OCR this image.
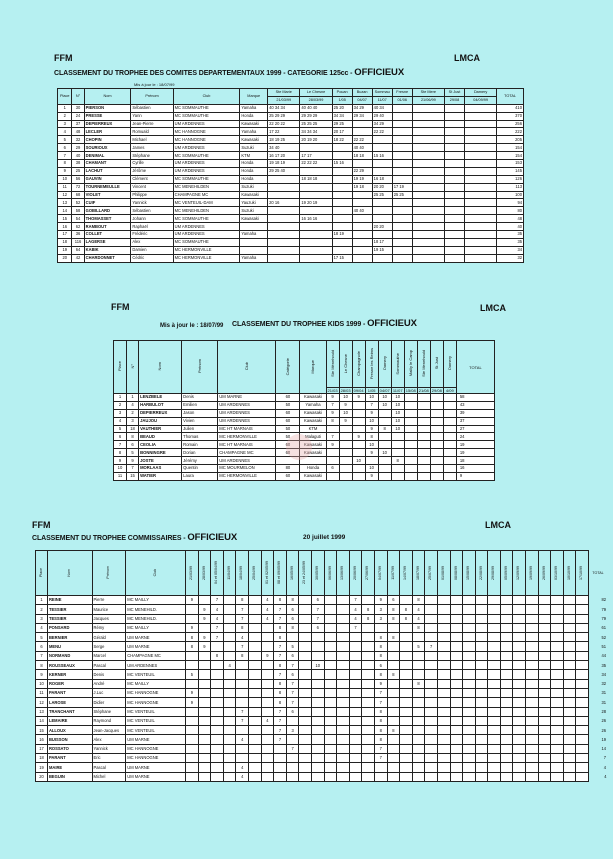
FFM	LMCA
CLASSEMENT DU TROPHEE DES COMITES DEPARTEMENTAUX 1999 - CATEGORIE 125cc - OFFICIEUX
Mis à jour le : 18/07/99
Place	N°	Nom	Prénom	Club	Marque	Ste Marie	Le Chesne	Pouan	Buzan	Sommau	Fresne	Ste Mere	St Just	Damery	TOTAL
						21/03/99	28/03/99	1/05	04/07	11/07	01/06	21/06/99	29/08	04/09/99	
1	30	PIERSON	Sébastien	MC SOMMAUTHE	Yamaha	40 34 34	40 40 40	25 20	34 29	40 34					410
2	24	PRESSE	Yann	MC SOMMAUTHE	Honda	25 29 29	29 29 29	34 34	29 34	29 40					370
3	37	DEPIERREUX	Jean-Pierre	UM ARDENNES	Kawasaki	22 20 22	25 25 25	29 25		34 29					256
4	48	LECLER	Romuald	MC HANNOGNE	Yamaha	17 22	34 34 34	20 17		22 22					222
5	32	CHOPIN	Michael	MC HANNOGNE	Kawasaki	18 19 25	20 19 20	18 22	22 22						205
6	29	SOURIOUX	James	UM ARDENNES	Suzuki	34 40			40 40						154
7	40	DENIMAL	Stéphane	MC SOMMAUTHE	KTM	16 17 20	17 17		18 18	15 16					154
8	38	CHAMANT	Cyrille	UM ARDENNES	Honda	19 18 19	22 22 22	15 16							153
9	25	LACHUT	Jérôme	UM ARDENNES	Honda	29 25 40			22 29						145
10	56	GAUVIN	Clément	MC SOMMAUTHE	Honda		18 18 18		19 19	16 18					126
11	72	TOURNEMEULLE	Vincent	MC MENEHILDEN	Suzuki				19 18	20 20	17 19				113
12	68	VIOLET	Philippe	CHAMPAGNE MC	Kawasaki					25 25	25 25				100
13	52	CUIF	Yannick	MC VENTEUIL-DAM	Yauzuki	20 16	19 20 19								94
14	58	GOBILLARD	Sébastien	MC MENEHILDEN	Suzuki				40 40						80
15	54	THOMASSET	Johann	MC SOMMAUTHE	Kawasaki		16 16 16								48
16	62	RAMBOUT	Raphaël	UM ARDENNES						20 20					40
17	36	COLLET	Frédéric	UM ARDENNES	Yamaha			18 19							35
18	116	LAGERSE	Alex	MC SOMMAUTHE						18 17					35
19	64	KABIK	Damien	MC HERMONVILLE						19 15					34
20	42	CHARDONNET	Cédric	MC HERMONVILLE	Yamaha			17 15							32
FFM	LMCA
Mis à jour le : 18/07/99 CLASSEMENT DU TROPHEE KIDS 1999 - OFFICIEUX
Place	N°	Nom	Prénom	Club	Catégorie	Marque	Ste Ménehould	Le Chesne	Champagnole	Fresne les Reims	Damery	Sommauthe	Mailly le Camp	Ste Menehould	St Just	Damery	TOTAL
							21/03	28/03	09/04	1/05	04/07	11/07	15/08	21/08	29/08	4/09	
1	1	LENZBELE	Denis	UM MARNE	60	Kawasaki	9	10	9	10	10	10					58
2	4	HARBULOT	Emilien	UM ARDENNES	50	Yamaha	7	9		7	10	10					43
3	2	DEPIERREUX	Jason	UM ARDENNES	60	Kawasaki	9	10		9		10					39
4	3	JAUJOU	Vivien	UM ARDENNES	60	Kawasaki	8	9		10		10					37
5	18	VAUTHIER	Julien	MC HT MARNAIS	50	KTM				9	8	10					27
6	8	BEAUD	Thomas	MC HERMONVILLE	50	Malaguti	7		9	8							24
7	6	CEOLIA	Romain	MC HT MARNAIS	60	Kawasaki	9			10							19
8	5	BONNINGRE	Dorian	CHAMPAGNE MC	60	Kawasaki				9	10						19
9	9	JOSTE	Jérémy	UM ARDENNES					10			8					18
10	7	MORLAAS	Quentin	MC MOURMELON	80	Honda	6			10							16
11	15	WATIER	Laura	MC HERMONVILLE	60	Kawasaki				9							9
FFM	LMCA
CLASSEMENT DU TROPHEE COMMISSAIRES - OFFICIEUX	20 juillet 1999
Place	Nom	Prénom	Club	21/03/99	28/03/99	04 et 05/04/99	11/04/99	18/04/99	25/04/99	01 et 02/05/99	08 et 09/05/99	16/05/99	23 et 24/05/99	30/05/99	06/06/99	13/06/99	20/06/99	27/06/99	04/07/99	11/07/99	14/07/99	18/07/99	25/07/99	01/08/99	08/08/99	15/08/99	22/08/99	29/08/99	05/09/99	12/09/99	19/09/99	26/09/99	03/10/99	10/10/99	17/10/99	TOTAL
1	REINE	Pierre	MC MAILLY	9		7		8		4	8	8		6			7		9	6		8														82
2	TESSIER	Maurice	MC MENEHILD.		9	4		7		4	7	6		7			4	8	3	8	8	4														79
3	TESSIER	Jacques	MC MENEHILD.		9	4		7		4	7	6		7			4	8	3	8	8	4														79
4	PONSARD	Rémy	MC MAILLY	9		7		8			8	8		6			7					8														61
5	BERNIER	Gérald	UM MARNE	8	9	7		4			8								8	8																52
6	MENU	Serge	UM MARNE	8	9			7			7	5							8			5	7													51
7	NORMAND	Marcel	CHAMPAGNE MC			8		8		9	7	6							8																	44
8	ROUSSEAUX	Pascal	UM ARDENNES				4				8	7		10					6																	35
9	KERNER	Denis	MC VENTEUIL	5							7	6							8	8																34
10	ROGER	André	MC MAILLY								8	7							9			8														32
11	PARANT	J.Luc	MC HANNOGNE	9							8	7							7																	31
12	LAROSE	Didier	MC HANNOGNE	9							8	7							7																	31
13	TRANCHANT	Stéphane	MC VENTEUIL					7			7	6							8																	28
14	LEMAIRE	Raymond	MC VENTEUIL					7		4	7								8																	26
15	ALLOUX	Jean-Jacques	MC VENTEUIL								7	3							8	8																26
16	BUISSON	Alex	UM MARNE					4			7								8																	19
17	ROSSATO	Yannick	MC HANNOGNE									7							7																	14
18	PARANT	Eric	MC HANNOGNE																7																	7
19	MAIRE	Pascal	UM MARNE					4																												4
20	BEGUIN	Michel	UM MARNE					4																												4
